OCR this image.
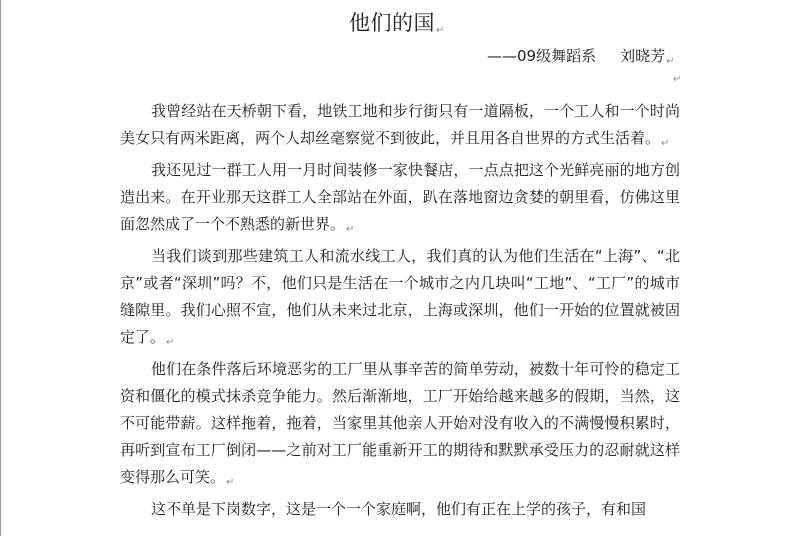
他们的国↵
——09级舞蹈系 刘晓芳$_↵$
↵

我曾经站在天桥朝下看，地铁工地和步行街只有一道隔板，一个工人和一个时尚美女只有两米距离，两个人却丝毫察觉不到彼此，并且用各自世界的方式生活着。$_↵$

我还见过一群工人用一月时间装修一家快餐店，一点点把这个光鲜亮丽的地方创造出来。在开业那天这群工人全部站在外面，趴在落地窗边贪婪的朝里看，仿佛这里面忽然成了一个不熟悉的新世界。$_↵$

当我们谈到那些建筑工人和流水线工人，我们真的认为他们生活在“上海”、“北京”或者“深圳”吗？不，他们只是生活在一个城市之内几块叫“工地”、“工厂”的城市缝隙里。我们心照不宣，他们从未来过北京，上海或深圳，他们一开始的位置就被固定了。$_↵$

他们在条件落后环境恶劣的工厂里从事辛苦的简单劳动，被数十年可怜的稳定工资和僵化的模式抹杀竞争能力。然后渐渐地，工厂开始给越来越多的假期，当然，这不可能带薪。这样拖着，拖着，当家里其他亲人开始对没有收入的不满慢慢积累时，再听到宣布工厂倒闭——之前对工厂能重新开工的期待和默默承受压力的忍耐就这样变得那么可笑。$_↵$

这不单是下岗数字，这是一个一个家庭啊，他们有正在上学的孩子，有和国
